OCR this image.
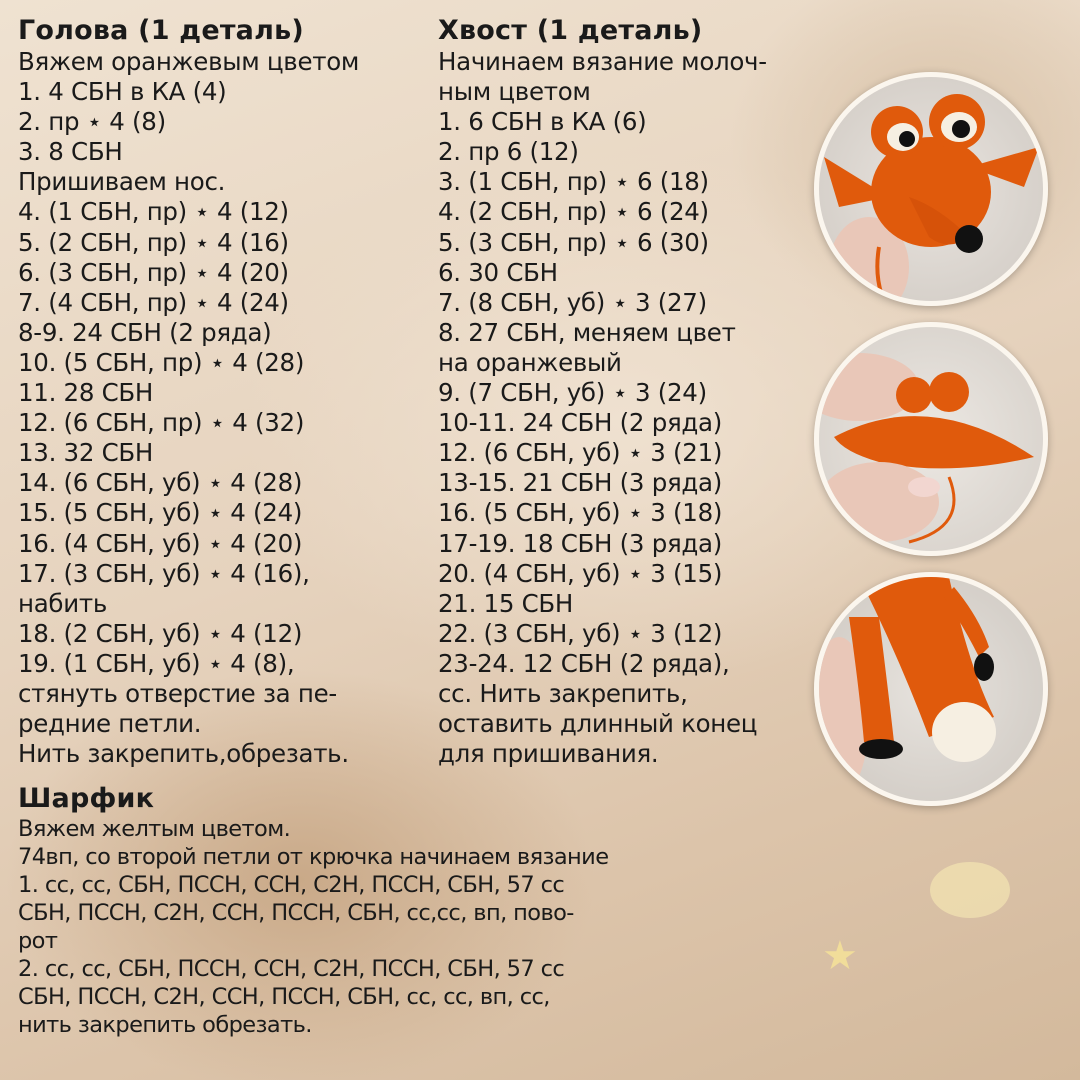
Голова (1 деталь)
Вяжем оранжевым цветом
1. 4 СБН в КА (4)
2. пр ⋆ 4 (8)
3. 8 СБН
Пришиваем нос.
4. (1 СБН, пр) ⋆ 4 (12)
5. (2 СБН, пр) ⋆ 4 (16)
6. (3 СБН, пр) ⋆ 4 (20)
7. (4 СБН, пр) ⋆ 4 (24)
8-9. 24 СБН (2 ряда)
10. (5 СБН, пр) ⋆ 4 (28)
11. 28 СБН
12. (6 СБН, пр) ⋆ 4 (32)
13. 32 СБН
14. (6 СБН, уб) ⋆ 4 (28)
15. (5 СБН, уб) ⋆ 4 (24)
16. (4 СБН, уб) ⋆ 4 (20)
17. (3 СБН, уб) ⋆ 4 (16),
набить
18. (2 СБН, уб) ⋆ 4 (12)
19. (1 СБН, уб) ⋆ 4 (8),
стянуть отверстие за пе-
редние петли.
Нить закрепить,обрезать.
Хвост (1 деталь)
Начинаем вязание молоч-
ным цветом
1. 6 СБН в КА (6)
2. пр 6 (12)
3. (1 СБН, пр) ⋆ 6 (18)
4. (2 СБН, пр) ⋆ 6 (24)
5. (3 СБН, пр) ⋆ 6 (30)
6. 30 СБН
7. (8 СБН, уб) ⋆ 3 (27)
8. 27 СБН, меняем цвет
на оранжевый
9. (7 СБН, уб) ⋆ 3 (24)
10-11. 24 СБН (2 ряда)
12. (6 СБН, уб) ⋆ 3 (21)
13-15. 21 СБН (3 ряда)
16. (5 СБН, уб) ⋆ 3 (18)
17-19. 18 СБН (3 ряда)
20. (4 СБН, уб) ⋆ 3 (15)
21. 15 СБН
22. (3 СБН, уб) ⋆ 3 (12)
23-24. 12 СБН (2 ряда),
сс. Нить закрепить,
оставить длинный конец
для пришивания.
Шарфик
Вяжем желтым цветом.
74вп, со второй петли от крючка начинаем вязание
1. сс, сс, СБН, ПССН, ССН, С2Н, ПССН, СБН, 57 сс
СБН, ПССН, С2Н, ССН, ПССН, СБН, сс,сс, вп, пово-
рот
2. сс, сс, СБН, ПССН, ССН, С2Н, ПССН, СБН, 57 сс
СБН, ПССН, С2Н, ССН, ПССН, СБН, сс, сс, вп, сс,
нить закрепить обрезать.
★
